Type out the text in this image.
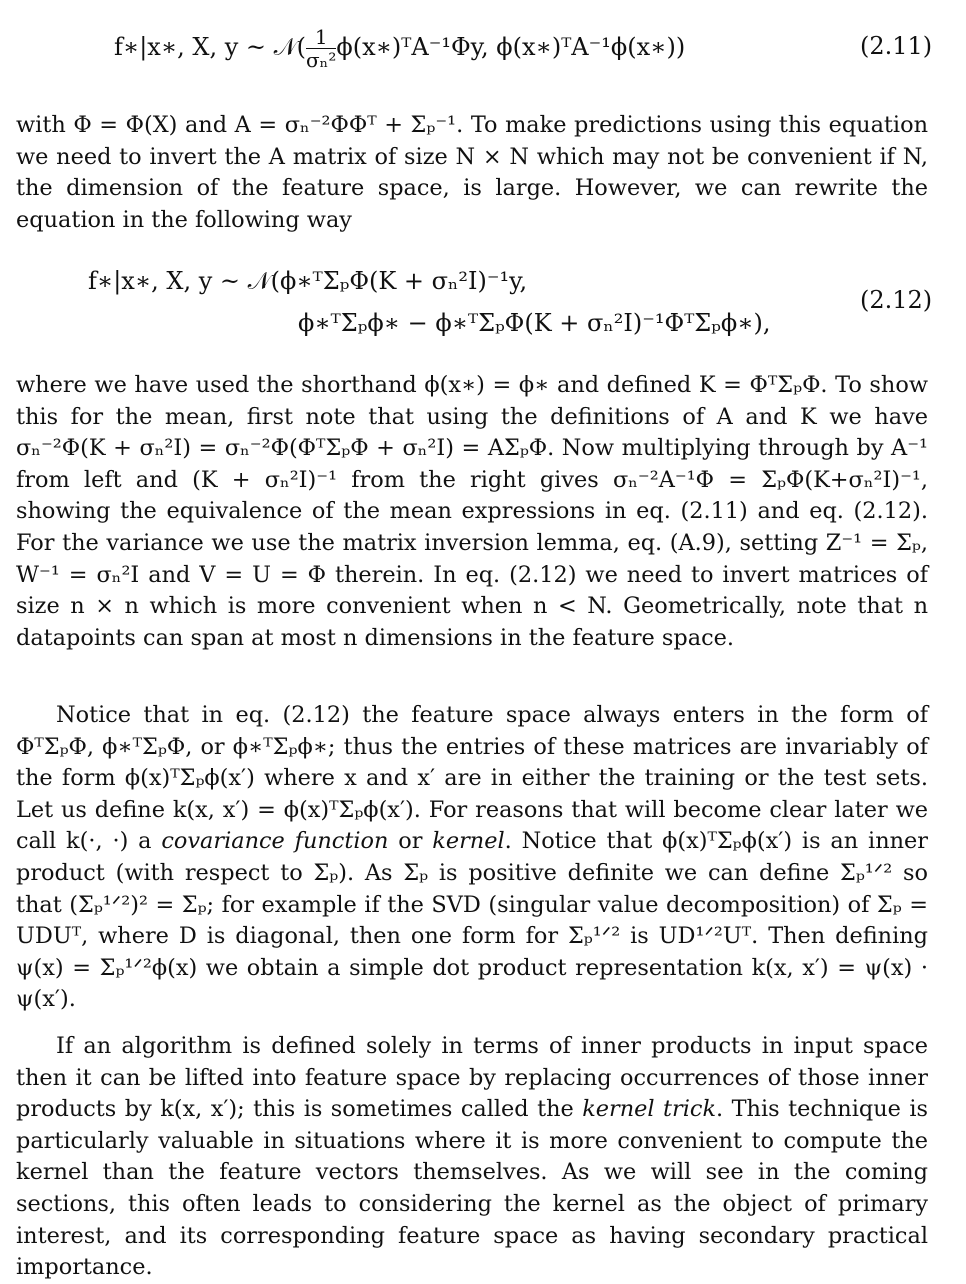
f∗|x∗, X, y ~ 𝒩( $\frac{1}{\text{σₙ²}}$ ϕ(x∗)ᵀA⁻¹Φy, ϕ(x∗)ᵀA⁻¹ϕ(x∗))	(2.11)

with Φ = Φ(X) and A = σₙ⁻²ΦΦᵀ + Σₚ⁻¹. To make predictions using this equation we need to invert the A matrix of size N × N which may not be convenient if N, the dimension of the feature space, is large. However, we can rewrite the equation in the following way

f∗|x∗, X, y ~ 𝒩(ϕ∗ᵀΣₚΦ(K + σₙ²I)⁻¹y,
ϕ∗ᵀΣₚϕ∗ − ϕ∗ᵀΣₚΦ(K + σₙ²I)⁻¹ΦᵀΣₚϕ∗),
(2.12)

where we have used the shorthand ϕ(x∗) = ϕ∗ and defined K = ΦᵀΣₚΦ. To show this for the mean, first note that using the definitions of A and K we have σₙ⁻²Φ(K + σₙ²I) = σₙ⁻²Φ(ΦᵀΣₚΦ + σₙ²I) = AΣₚΦ. Now multiplying through by A⁻¹ from left and (K + σₙ²I)⁻¹ from the right gives σₙ⁻²A⁻¹Φ = ΣₚΦ(K+σₙ²I)⁻¹, showing the equivalence of the mean expressions in eq. (2.11) and eq. (2.12). For the variance we use the matrix inversion lemma, eq. (A.9), setting Z⁻¹ = Σₚ, W⁻¹ = σₙ²I and V = U = Φ therein. In eq. (2.12) we need to invert matrices of size n × n which is more convenient when n < N. Geometrically, note that n datapoints can span at most n dimensions in the feature space.

Notice that in eq. (2.12) the feature space always enters in the form of ΦᵀΣₚΦ, ϕ∗ᵀΣₚΦ, or ϕ∗ᵀΣₚϕ∗; thus the entries of these matrices are invariably of the form ϕ(x)ᵀΣₚϕ(x′) where x and x′ are in either the training or the test sets. Let us define k(x, x′) = ϕ(x)ᵀΣₚϕ(x′). For reasons that will become clear later we call k(·, ·) a covariance function or kernel. Notice that ϕ(x)ᵀΣₚϕ(x′) is an inner product (with respect to Σₚ). As Σₚ is positive definite we can define Σₚ¹ᐟ² so that (Σₚ¹ᐟ²)² = Σₚ; for example if the SVD (singular value decomposition) of Σₚ = UDUᵀ, where D is diagonal, then one form for Σₚ¹ᐟ² is UD¹ᐟ²Uᵀ. Then defining ψ(x) = Σₚ¹ᐟ²ϕ(x) we obtain a simple dot product representation k(x, x′) = ψ(x) · ψ(x′).

If an algorithm is defined solely in terms of inner products in input space then it can be lifted into feature space by replacing occurrences of those inner products by k(x, x′); this is sometimes called the kernel trick. This technique is particularly valuable in situations where it is more convenient to compute the kernel than the feature vectors themselves. As we will see in the coming sections, this often leads to considering the kernel as the object of primary interest, and its corresponding feature space as having secondary practical importance.
